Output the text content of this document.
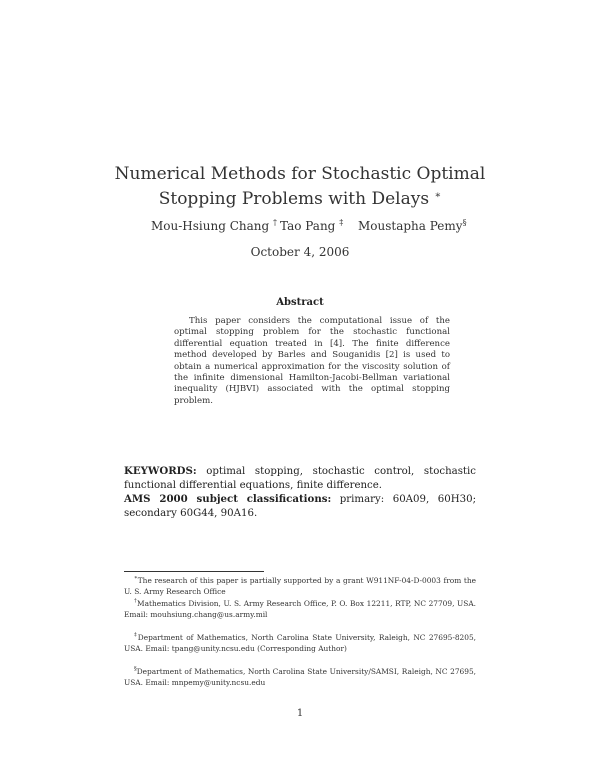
Numerical Methods for Stochastic Optimal
Stopping Problems with Delays ∗
Mou-Hsiung Chang † Tao Pang ‡ Moustapha Pemy§
October 4, 2006
Abstract
This paper considers the computational issue of the optimal stopping problem for the stochastic functional differential equation treated in [4]. The finite difference method developed by Barles and Souganidis [2] is used to obtain a numerical approximation for the viscosity solution of the infinite dimensional Hamilton-Jacobi-Bellman variational inequality (HJBVI) associated with the optimal stopping problem.
KEYWORDS: optimal stopping, stochastic control, stochastic functional differential equations, finite difference.
AMS 2000 subject classifications: primary: 60A09, 60H30; secondary 60G44, 90A16.
∗The research of this paper is partially supported by a grant W911NF-04-D-0003 from the U. S. Army Research Office
†Mathematics Division, U. S. Army Research Office, P. O. Box 12211, RTP, NC 27709, USA. Email: mouhsiung.chang@us.army.mil
‡Department of Mathematics, North Carolina State University, Raleigh, NC 27695-8205, USA. Email: tpang@unity.ncsu.edu (Corresponding Author)
§Department of Mathematics, North Carolina State University/SAMSI, Raleigh, NC 27695, USA. Email: mnpemy@unity.ncsu.edu
1
